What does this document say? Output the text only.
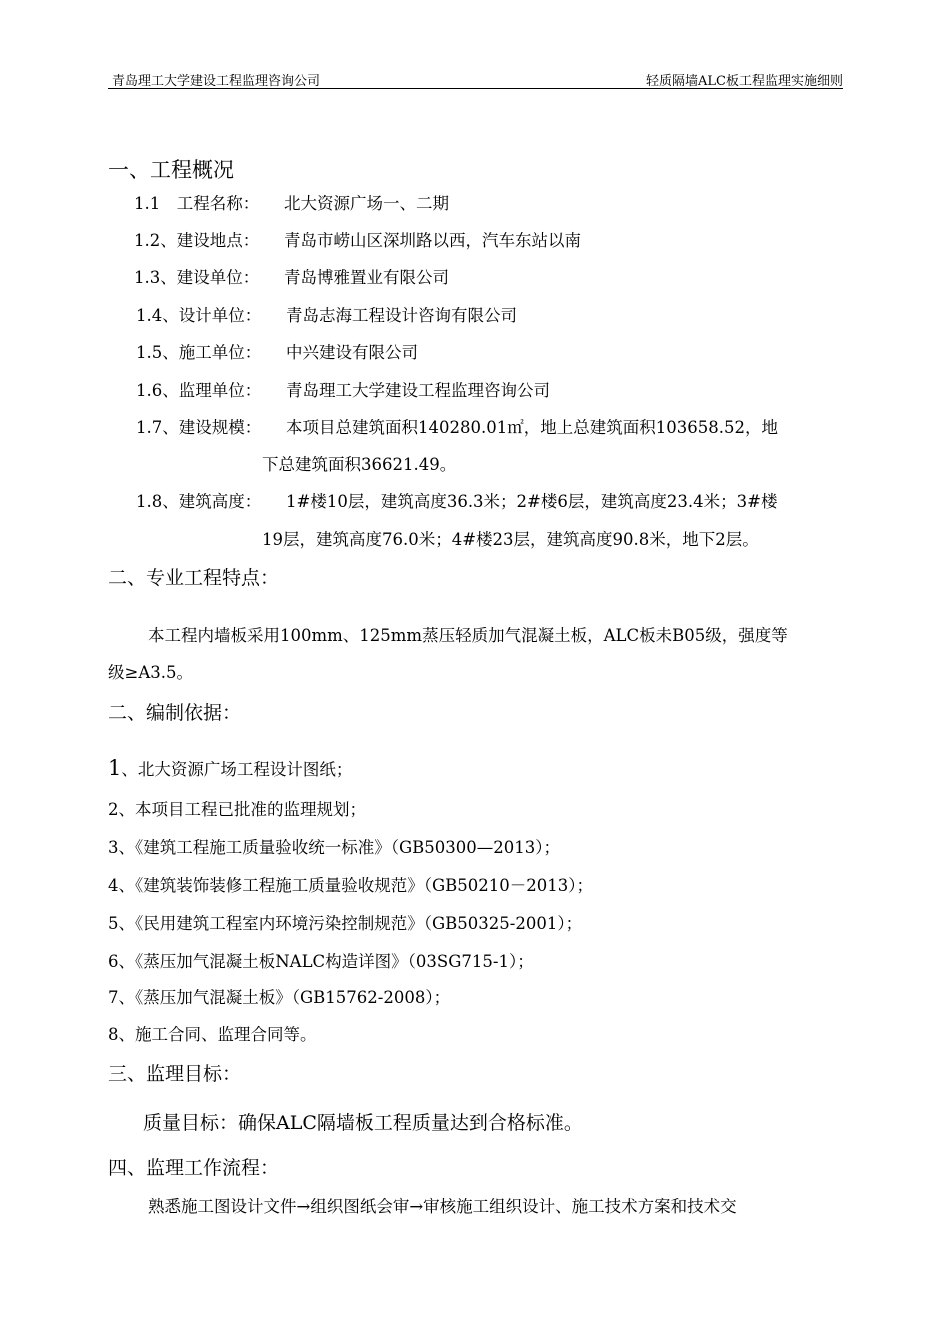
青岛理工大学建设工程监理咨询公司	轻质隔墙ALC板工程监理实施细则
一、工程概况
1.1　工程名称： 北大资源广场一、二期
1.2、建设地点： 青岛市崂山区深圳路以西，汽车东站以南
1.3、建设单位： 青岛博雅置业有限公司
1.4、设计单位： 青岛志海工程设计咨询有限公司
1.5、施工单位： 中兴建设有限公司
1.6、监理单位： 青岛理工大学建设工程监理咨询公司
1.7、建设规模： 本项目总建筑面积140280.01㎡，地上总建筑面积103658.52，地
下总建筑面积36621.49。
1.8、建筑高度： 1#楼10层，建筑高度36.3米；2#楼6层，建筑高度23.4米；3#楼
19层，建筑高度76.0米；4#楼23层，建筑高度90.8米，地下2层。
二、专业工程特点：
本工程内墙板采用100mm、125mm蒸压轻质加气混凝土板，ALC板未B05级，强度等
级≥A3.5。
二、编制依据：
1、北大资源广场工程设计图纸；
2、本项目工程已批准的监理规划；
3、《建筑工程施工质量验收统一标准》（GB50300—2013）；
4、《建筑装饰装修工程施工质量验收规范》（GB50210－2013）；
5、《民用建筑工程室内环境污染控制规范》（GB50325-2001）；
6、《蒸压加气混凝土板NALC构造详图》（03SG715-1）；
7、《蒸压加气混凝土板》（GB15762-2008）；
8、施工合同、监理合同等。
三、监理目标：
质量目标：确保ALC隔墙板工程质量达到合格标准。
四、监理工作流程：
熟悉施工图设计文件→组织图纸会审→审核施工组织设计、施工技术方案和技术交
